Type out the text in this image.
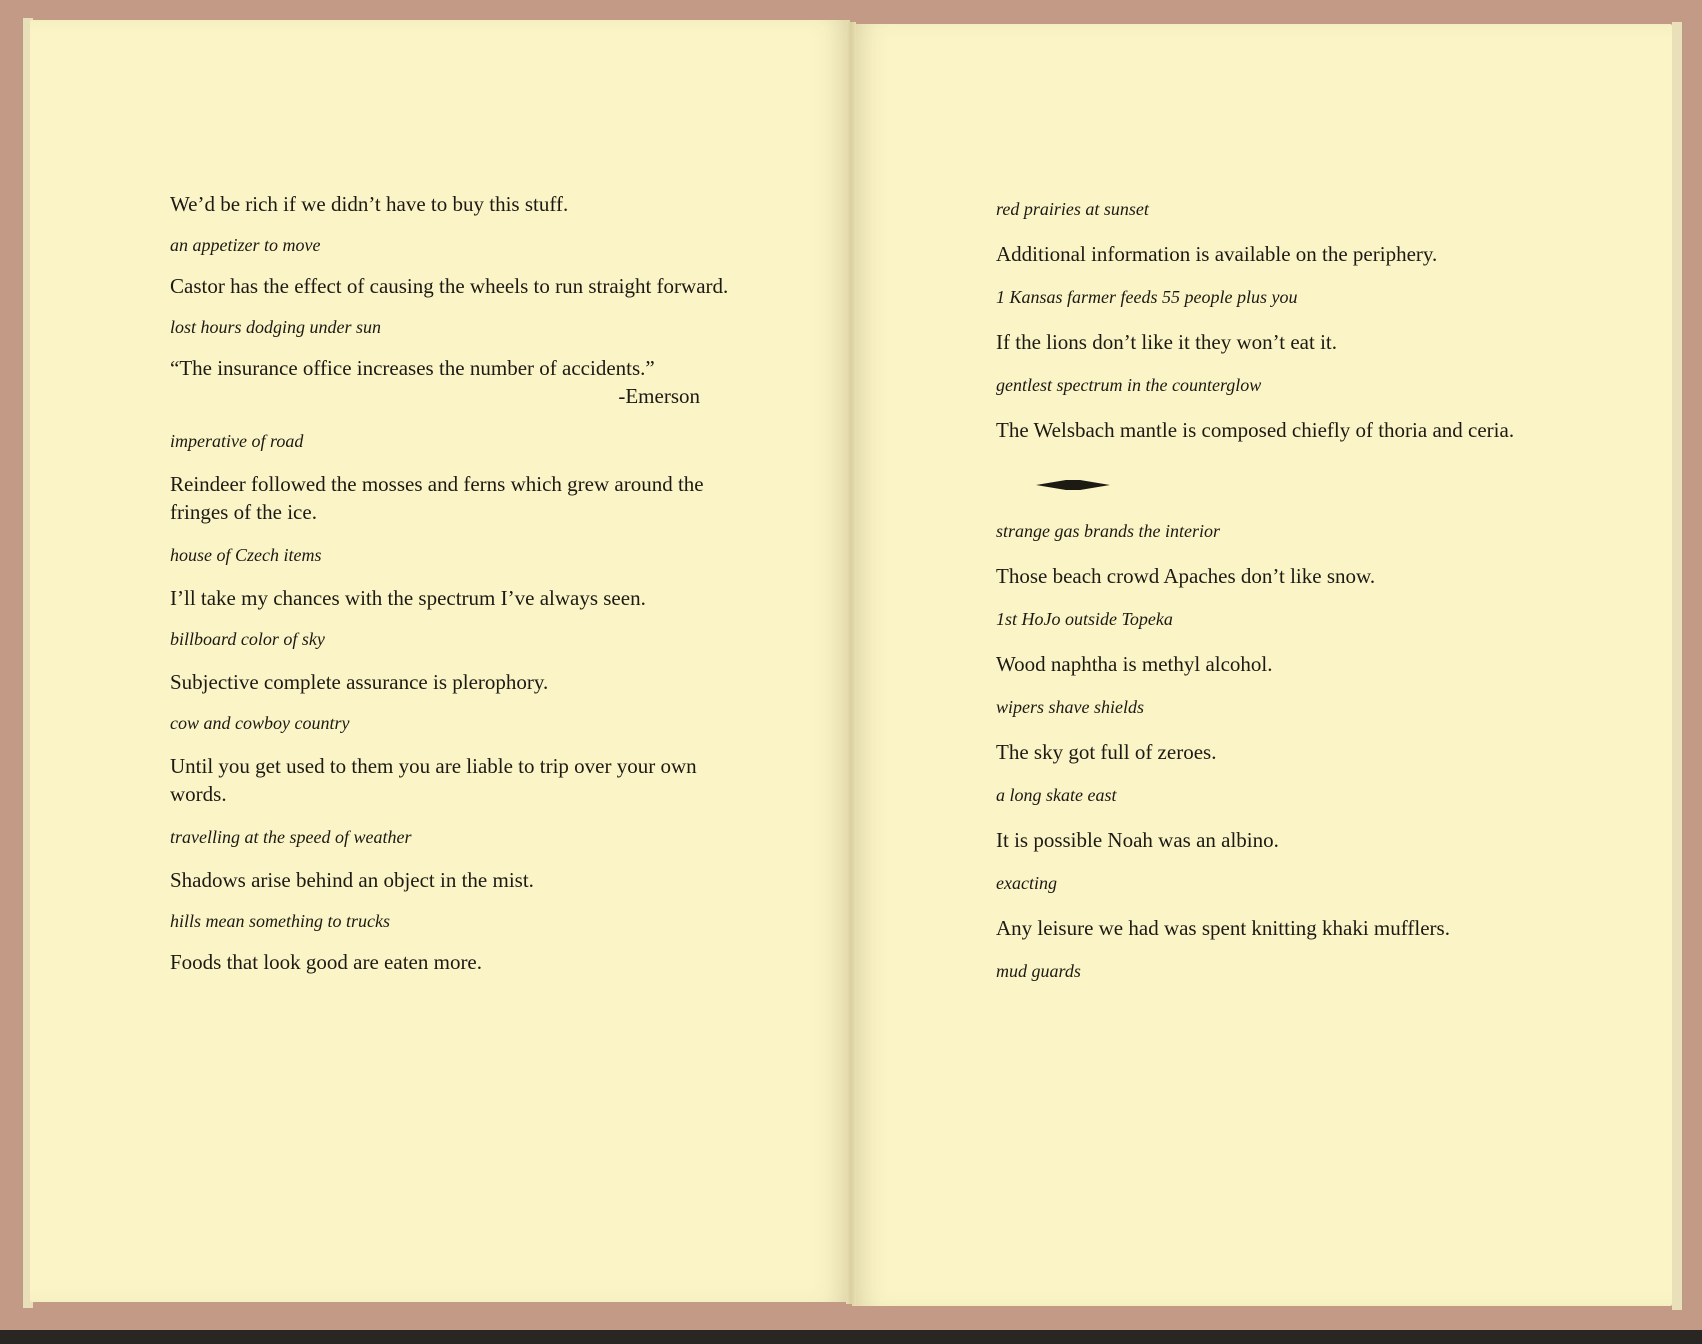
We’d be rich if we didn’t have to buy this stuff.

an appetizer to move

Castor has the effect of causing the wheels to run straight forward.

lost hours dodging under sun

“The insurance office increases the number of accidents.”

-Emerson

imperative of road

Reindeer followed the mosses and ferns which grew around the fringes of the ice.

house of Czech items

I’ll take my chances with the spectrum I’ve always seen.

billboard color of sky

Subjective complete assurance is plerophory.

cow and cowboy country

Until you get used to them you are liable to trip over your own words.

travelling at the speed of weather

Shadows arise behind an object in the mist.

hills mean something to trucks

Foods that look good are eaten more.

red prairies at sunset

Additional information is available on the periphery.

1 Kansas farmer feeds 55 people plus you

If the lions don’t like it they won’t eat it.

gentlest spectrum in the counterglow

The Welsbach mantle is composed chiefly of thoria and ceria.

strange gas brands the interior

Those beach crowd Apaches don’t like snow.

1st HoJo outside Topeka

Wood naphtha is methyl alcohol.

wipers shave shields

The sky got full of zeroes.

a long skate east

It is possible Noah was an albino.

exacting

Any leisure we had was spent knitting khaki mufflers.

mud guards
